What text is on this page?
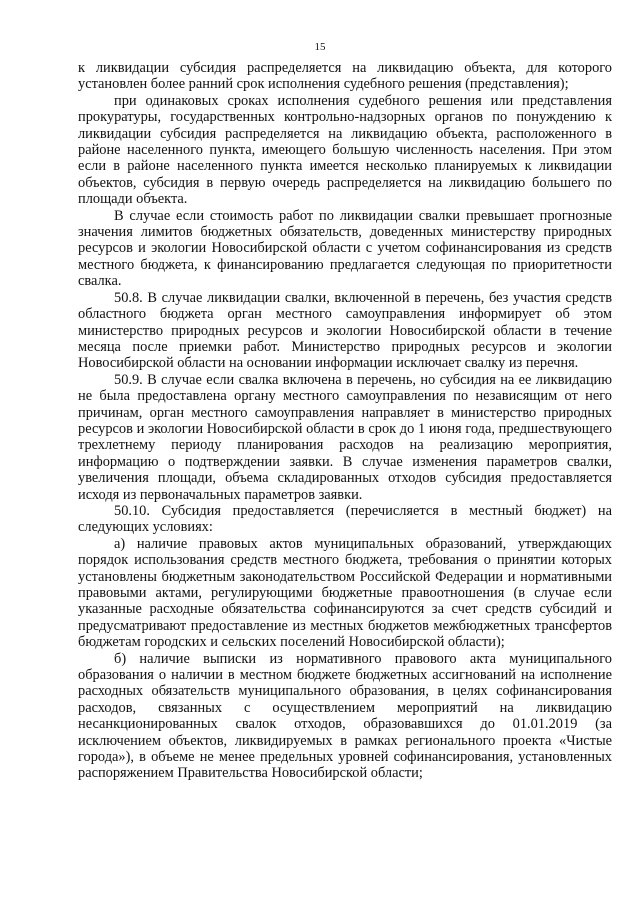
15

к ликвидации субсидия распределяется на ликвидацию объекта, для которого установлен более ранний срок исполнения судебного решения (представления);

при одинаковых сроках исполнения судебного решения или представления прокуратуры, государственных контрольно-надзорных органов по понуждению к ликвидации субсидия распределяется на ликвидацию объекта, расположенного в районе населенного пункта, имеющего большую численность населения. При этом если в районе населенного пункта имеется несколько планируемых к ликвидации объектов, субсидия в первую очередь распределяется на ликвидацию большего по площади объекта.

В случае если стоимость работ по ликвидации свалки превышает прогнозные значения лимитов бюджетных обязательств, доведенных министерству природных ресурсов и экологии Новосибирской области с учетом софинансирования из средств местного бюджета, к финансированию предлагается следующая по приоритетности свалка.

50.8. В случае ликвидации свалки, включенной в перечень, без участия средств областного бюджета орган местного самоуправления информирует об этом министерство природных ресурсов и экологии Новосибирской области в течение месяца после приемки работ. Министерство природных ресурсов и экологии Новосибирской области на основании информации исключает свалку из перечня.

50.9. В случае если свалка включена в перечень, но субсидия на ее ликвидацию не была предоставлена органу местного самоуправления по независящим от него причинам, орган местного самоуправления направляет в министерство природных ресурсов и экологии Новосибирской области в срок до 1 июня года, предшествующего трехлетнему периоду планирования расходов на реализацию мероприятия, информацию о подтверждении заявки. В случае изменения параметров свалки, увеличения площади, объема складированных отходов субсидия предоставляется исходя из первоначальных параметров заявки.

50.10. Субсидия предоставляется (перечисляется в местный бюджет) на следующих условиях:

а) наличие правовых актов муниципальных образований, утверждающих порядок использования средств местного бюджета, требования о принятии которых установлены бюджетным законодательством Российской Федерации и нормативными правовыми актами, регулирующими бюджетные правоотношения (в случае если указанные расходные обязательства софинансируются за счет средств субсидий и предусматривают предоставление из местных бюджетов межбюджетных трансфертов бюджетам городских и сельских поселений Новосибирской области);

б) наличие выписки из нормативного правового акта муниципального образования о наличии в местном бюджете бюджетных ассигнований на исполнение расходных обязательств муниципального образования, в целях софинансирования расходов, связанных с осуществлением мероприятий на ликвидацию несанкционированных свалок отходов, образовавшихся до 01.01.2019 (за исключением объектов, ликвидируемых в рамках регионального проекта «Чистые города»), в объеме не менее предельных уровней софинансирования, установленных распоряжением Правительства Новосибирской области;
